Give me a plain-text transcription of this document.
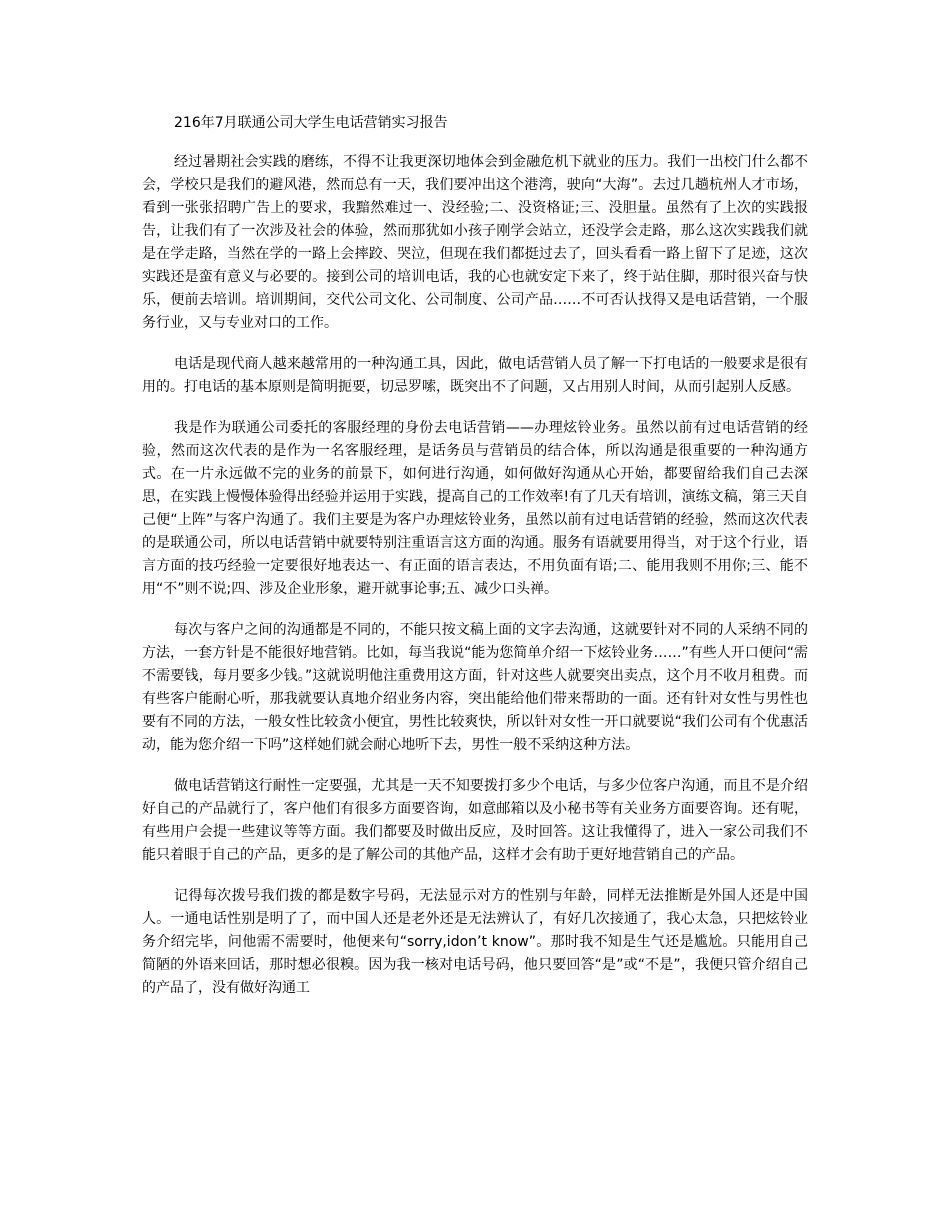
216年7月联通公司大学生电话营销实习报告

经过暑期社会实践的磨练，不得不让我更深切地体会到金融危机下就业的压力。我们一出校门什么都不会，学校只是我们的避风港，然而总有一天，我们要冲出这个港湾，驶向“大海”。去过几趟杭州人才市场，看到一张张招聘广告上的要求，我黯然难过一、没经验;二、没资格证;三、没胆量。虽然有了上次的实践报告，让我们有了一次涉及社会的体验，然而那犹如小孩子刚学会站立，还没学会走路，那么这次实践我们就是在学走路，当然在学的一路上会摔跤、哭泣，但现在我们都挺过去了，回头看看一路上留下了足迹，这次实践还是蛮有意义与必要的。接到公司的培训电话，我的心也就安定下来了，终于站住脚，那时很兴奋与快乐，便前去培训。培训期间，交代公司文化、公司制度、公司产品……不可否认找得又是电话营销，一个服务行业，又与专业对口的工作。

电话是现代商人越来越常用的一种沟通工具，因此，做电话营销人员了解一下打电话的一般要求是很有用的。打电话的基本原则是简明扼要，切忌罗嗦，既突出不了问题，又占用别人时间，从而引起别人反感。

我是作为联通公司委托的客服经理的身份去电话营销——办理炫铃业务。虽然以前有过电话营销的经验，然而这次代表的是作为一名客服经理，是话务员与营销员的结合体，所以沟通是很重要的一种沟通方式。在一片永远做不完的业务的前景下，如何进行沟通，如何做好沟通从心开始，都要留给我们自己去深思，在实践上慢慢体验得出经验并运用于实践，提高自己的工作效率!有了几天有培训，演练文稿，第三天自己便“上阵”与客户沟通了。我们主要是为客户办理炫铃业务，虽然以前有过电话营销的经验，然而这次代表的是联通公司，所以电话营销中就要特别注重语言这方面的沟通。服务有语就要用得当，对于这个行业，语言方面的技巧经验一定要很好地表达一、有正面的语言表达，不用负面有语;二、能用我则不用你;三、能不用“不”则不说;四、涉及企业形象，避开就事论事;五、减少口头禅。

每次与客户之间的沟通都是不同的，不能只按文稿上面的文字去沟通，这就要针对不同的人采纳不同的方法，一套方针是不能很好地营销。比如，每当我说“能为您简单介绍一下炫铃业务……”有些人开口便问“需不需要钱，每月要多少钱。”这就说明他注重费用这方面，针对这些人就要突出卖点，这个月不收月租费。而有些客户能耐心听，那我就要认真地介绍业务内容，突出能给他们带来帮助的一面。还有针对女性与男性也要有不同的方法，一般女性比较贪小便宜，男性比较爽快，所以针对女性一开口就要说“我们公司有个优惠活动，能为您介绍一下吗”这样她们就会耐心地听下去，男性一般不采纳这种方法。

做电话营销这行耐性一定要强，尤其是一天不知要拨打多少个电话，与多少位客户沟通，而且不是介绍好自己的产品就行了，客户他们有很多方面要咨询，如意邮箱以及小秘书等有关业务方面要咨询。还有呢，有些用户会提一些建议等等方面。我们都要及时做出反应，及时回答。这让我懂得了，进入一家公司我们不能只着眼于自己的产品，更多的是了解公司的其他产品，这样才会有助于更好地营销自己的产品。

记得每次拨号我们拨的都是数字号码，无法显示对方的性别与年龄，同样无法推断是外国人还是中国人。一通电话性别是明了了，而中国人还是老外还是无法辨认了，有好几次接通了，我心太急，只把炫铃业务介绍完毕，问他需不需要时，他便来句“sorry,idon’t know”。那时我不知是生气还是尴尬。只能用自己简陋的外语来回话，那时想必很糗。因为我一核对电话号码，他只要回答“是”或“不是”，我便只管介绍自己的产品了，没有做好沟通工
